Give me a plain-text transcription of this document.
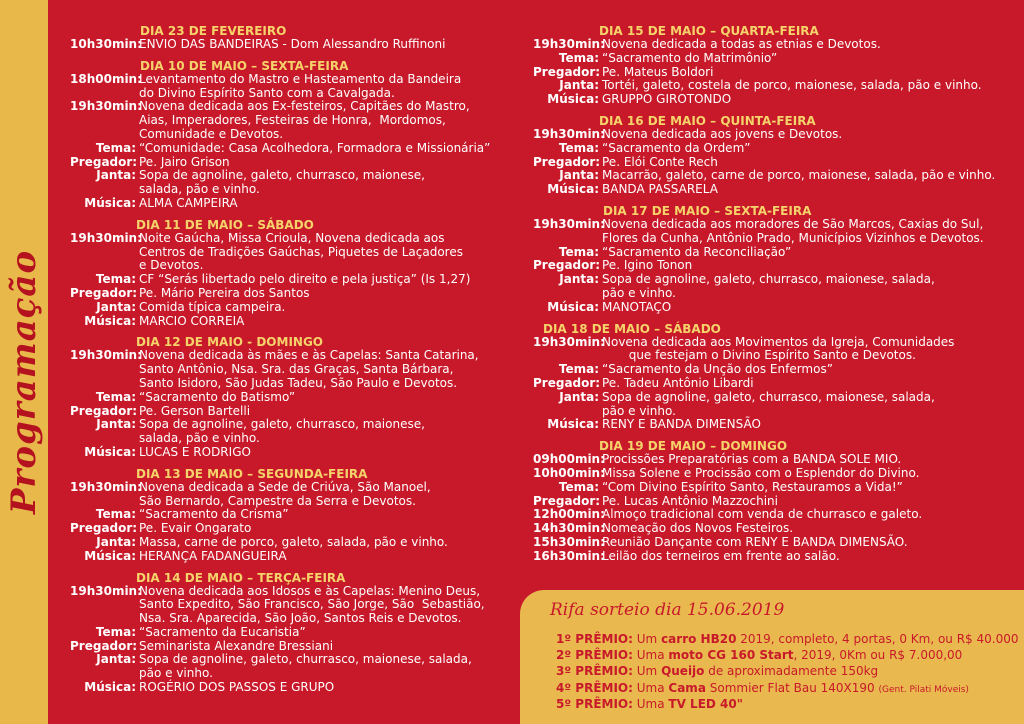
Programação
DIA 23 DE FEVEREIRO
10h30min:
ENVIO DAS BANDEIRAS - Dom Alessandro Ruffinoni
DIA 10 DE MAIO – SEXTA-FEIRA
18h00min:
Levantamento do Mastro e Hasteamento da Bandeira
do Divino Espírito Santo com a Cavalgada.
19h30min:
Novena dedicada aos Ex-festeiros, Capitães do Mastro,
Aias, Imperadores, Festeiras de Honra,  Mordomos,
Comunidade e Devotos.
Tema: “Comunidade: Casa Acolhedora, Formadora e Missionária”
Pregador: Pe. Jairo Grison
Janta: Sopa de agnoline, galeto, churrasco, maionese,
salada, pão e vinho.
Música: ALMA CAMPEIRA
DIA 11 DE MAIO – SÁBADO
19h30min:
Noite Gaúcha, Missa Crioula, Novena dedicada aos
Centros de Tradições Gaúchas, Piquetes de Laçadores
e Devotos.
Tema: CF “Serás libertado pelo direito e pela justiça” (Is 1,27)
Pregador: Pe. Mário Pereira dos Santos
Janta: Comida típica campeira.
Música: MARCIO CORREIA
DIA 12 DE MAIO - DOMINGO
19h30min:
Novena dedicada às mães e às Capelas: Santa Catarina,
Santo Antônio, Nsa. Sra. das Graças, Santa Bárbara,
Santo Isidoro, São Judas Tadeu, São Paulo e Devotos.
Tema: “Sacramento do Batismo”
Pregador: Pe. Gerson Bartelli
Janta: Sopa de agnoline, galeto, churrasco, maionese,
salada, pão e vinho.
Música: LUCAS E RODRIGO
DIA 13 DE MAIO – SEGUNDA-FEIRA
19h30min:
Novena dedicada a Sede de Criúva, São Manoel,
São Bernardo, Campestre da Serra e Devotos.
Tema: “Sacramento da Crisma”
Pregador: Pe. Evair Ongarato
Janta: Massa, carne de porco, galeto, salada, pão e vinho.
Música: HERANÇA FADANGUEIRA
DIA 14 DE MAIO – TERÇA-FEIRA
19h30min:
Novena dedicada aos Idosos e às Capelas: Menino Deus,
Santo Expedito, São Francisco, São Jorge, São  Sebastião,
Nsa. Sra. Aparecida, São João, Santos Reis e Devotos.
Tema: “Sacramento da Eucaristia”
Pregador: Seminarista Alexandre Bressiani
Janta: Sopa de agnoline, galeto, churrasco, maionese, salada,
pão e vinho.
Música: ROGÉRIO DOS PASSOS E GRUPO
DIA 15 DE MAIO – QUARTA-FEIRA
19h30min:
Novena dedicada a todas as etnias e Devotos.
Tema: “Sacramento do Matrimônio”
Pregador: Pe. Mateus Boldori
Janta: Tortéi, galeto, costela de porco, maionese, salada, pão e vinho.
Música: GRUPPO GIROTONDO
DIA 16 DE MAIO – QUINTA-FEIRA
19h30min:
Novena dedicada aos jovens e Devotos.
Tema: “Sacramento da Ordem”
Pregador: Pe. Elói Conte Rech
Janta: Macarrão, galeto, carne de porco, maionese, salada, pão e vinho.
Música: BANDA PASSARELA
DIA 17 DE MAIO – SEXTA-FEIRA
19h30min:
Novena dedicada aos moradores de São Marcos, Caxias do Sul,
Flores da Cunha, Antônio Prado, Municípios Vizinhos e Devotos.
Tema: “Sacramento da Reconciliação”
Pregador: Pe. Igino Tonon
Janta: Sopa de agnoline, galeto, churrasco, maionese, salada,
pão e vinho.
Música: MANOTAÇO
DIA 18 DE MAIO – SÁBADO
19h30min:
Novena dedicada aos Movimentos da Igreja, Comunidades
que festejam o Divino Espírito Santo e Devotos.
Tema: “Sacramento da Unção dos Enfermos”
Pregador: Pe. Tadeu Antônio Libardi
Janta: Sopa de agnoline, galeto, churrasco, maionese, salada,
pão e vinho.
Música: RENY E BANDA DIMENSÃO
DIA 19 DE MAIO – DOMINGO
09h00min:
Procissões Preparatórias com a BANDA SOLE MIO.
10h00min:
Missa Solene e Procissão com o Esplendor do Divino.
Tema: “Com Divino Espírito Santo, Restauramos a Vida!”
Pregador: Pe. Lucas Antônio Mazzochini
12h00min:
Almoço tradicional com venda de churrasco e galeto.
14h30min:
Nomeação dos Novos Festeiros.
15h30min:
Reunião Dançante com RENY E BANDA DIMENSÃO.
16h30min:
Leilão dos terneiros em frente ao salão.
Rifa sorteio dia 15.06.2019
1º PRÊMIO: Um carro HB20 2019, completo, 4 portas, 0 Km, ou R$ 40.000
2º PRÊMIO: Uma moto CG 160 Start, 2019, 0Km ou R$ 7.000,00
3º PRÊMIO: Um Queijo de aproximadamente 150kg
4º PRÊMIO: Uma Cama Sommier Flat Bau 140X190 (Gent. Pilati Móveis)
5º PRÊMIO: Uma TV LED 40"
